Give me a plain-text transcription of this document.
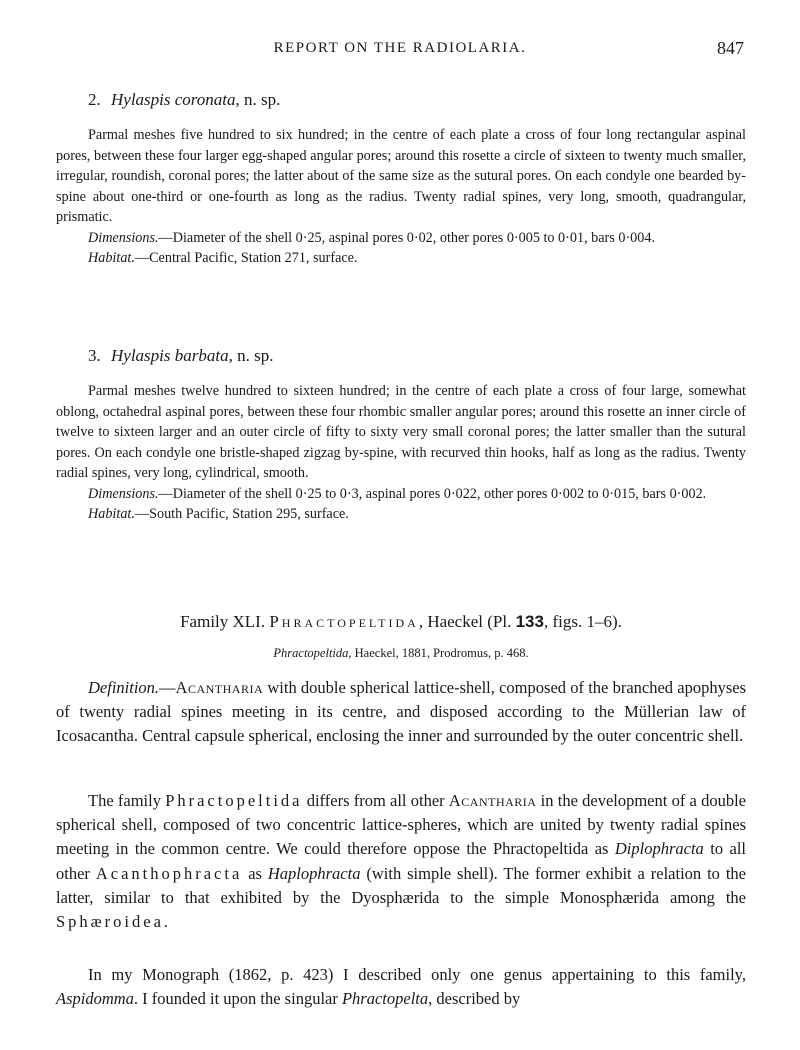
REPORT ON THE RADIOLARIA.	847
2. Hylaspis coronata, n. sp.

Parmal meshes five hundred to six hundred; in the centre of each plate a cross of four long rectangular aspinal pores, between these four larger egg-shaped angular pores; around this rosette a circle of sixteen to twenty much smaller, irregular, roundish, coronal pores; the latter about of the same size as the sutural pores. On each condyle one bearded by-spine about one-third or one-fourth as long as the radius. Twenty radial spines, very long, smooth, quadrangular, prismatic.

Dimensions.—Diameter of the shell 0·25, aspinal pores 0·02, other pores 0·005 to 0·01, bars 0·004.

Habitat.—Central Pacific, Station 271, surface.

3. Hylaspis barbata, n. sp.

Parmal meshes twelve hundred to sixteen hundred; in the centre of each plate a cross of four large, somewhat oblong, octahedral aspinal pores, between these four rhombic smaller angular pores; around this rosette an inner circle of twelve to sixteen larger and an outer circle of fifty to sixty very small coronal pores; the latter smaller than the sutural pores. On each condyle one bristle-shaped zigzag by-spine, with recurved thin hooks, half as long as the radius. Twenty radial spines, very long, cylindrical, smooth.

Dimensions.—Diameter of the shell 0·25 to 0·3, aspinal pores 0·022, other pores 0·002 to 0·015, bars 0·002.

Habitat.—South Pacific, Station 295, surface.

Family XLI. Phractopeltida, Haeckel (Pl. 133, figs. 1–6).
Phractopeltida, Haeckel, 1881, Prodromus, p. 468.

Definition.—Acantharia with double spherical lattice-shell, composed of the branched apophyses of twenty radial spines meeting in its centre, and disposed according to the Müllerian law of Icosacantha. Central capsule spherical, enclosing the inner and surrounded by the outer concentric shell.

The family Phractopeltida differs from all other Acantharia in the development of a double spherical shell, composed of two concentric lattice-spheres, which are united by twenty radial spines meeting in the common centre. We could therefore oppose the Phractopeltida as Diplophracta to all other Acanthophracta as Haplophracta (with simple shell). The former exhibit a relation to the latter, similar to that exhibited by the Dyosphærida to the simple Monosphærida among the Sphæroidea.

In my Monograph (1862, p. 423) I described only one genus appertaining to this family, Aspidomma. I founded it upon the singular Phractopelta, described by
